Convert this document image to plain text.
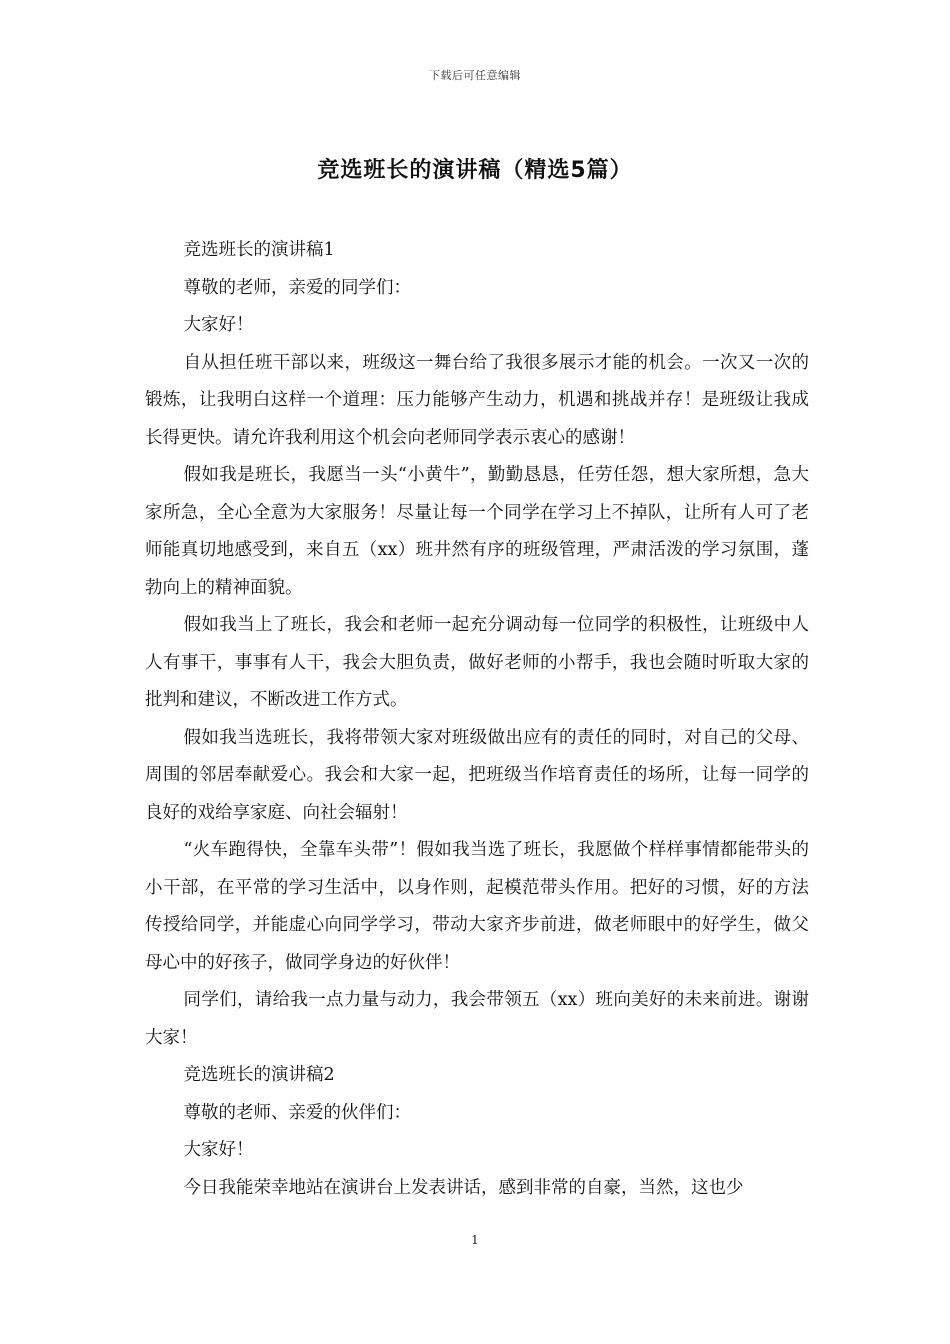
下载后可任意编辑
竞选班长的演讲稿（精选5篇）

竞选班长的演讲稿1

尊敬的老师，亲爱的同学们：

大家好！

自从担任班干部以来，班级这一舞台给了我很多展示才能的机会。一次又一次的锻炼，让我明白这样一个道理：压力能够产生动力，机遇和挑战并存！是班级让我成长得更快。请允许我利用这个机会向老师同学表示衷心的感谢！

假如我是班长，我愿当一头“小黄牛”，勤勤恳恳，任劳任怨，想大家所想，急大家所急，全心全意为大家服务！尽量让每一个同学在学习上不掉队，让所有人可了老师能真切地感受到，来自五（xx）班井然有序的班级管理，严肃活泼的学习氛围，蓬勃向上的精神面貌。

假如我当上了班长，我会和老师一起充分调动每一位同学的积极性，让班级中人人有事干，事事有人干，我会大胆负责，做好老师的小帮手，我也会随时听取大家的批判和建议，不断改进工作方式。

假如我当选班长，我将带领大家对班级做出应有的责任的同时，对自己的父母、周围的邻居奉献爱心。我会和大家一起，把班级当作培育责任的场所，让每一同学的良好的戏给享家庭、向社会辐射！

“火车跑得快，全靠车头带”！假如我当选了班长，我愿做个样样事情都能带头的小干部，在平常的学习生活中，以身作则，起模范带头作用。把好的习惯，好的方法传授给同学，并能虚心向同学学习，带动大家齐步前进，做老师眼中的好学生，做父母心中的好孩子，做同学身边的好伙伴！

同学们，请给我一点力量与动力，我会带领五（xx）班向美好的未来前进。谢谢大家！

竞选班长的演讲稿2

尊敬的老师、亲爱的伙伴们：

大家好！

今日我能荣幸地站在演讲台上发表讲话，感到非常的自豪，当然，这也少

1
